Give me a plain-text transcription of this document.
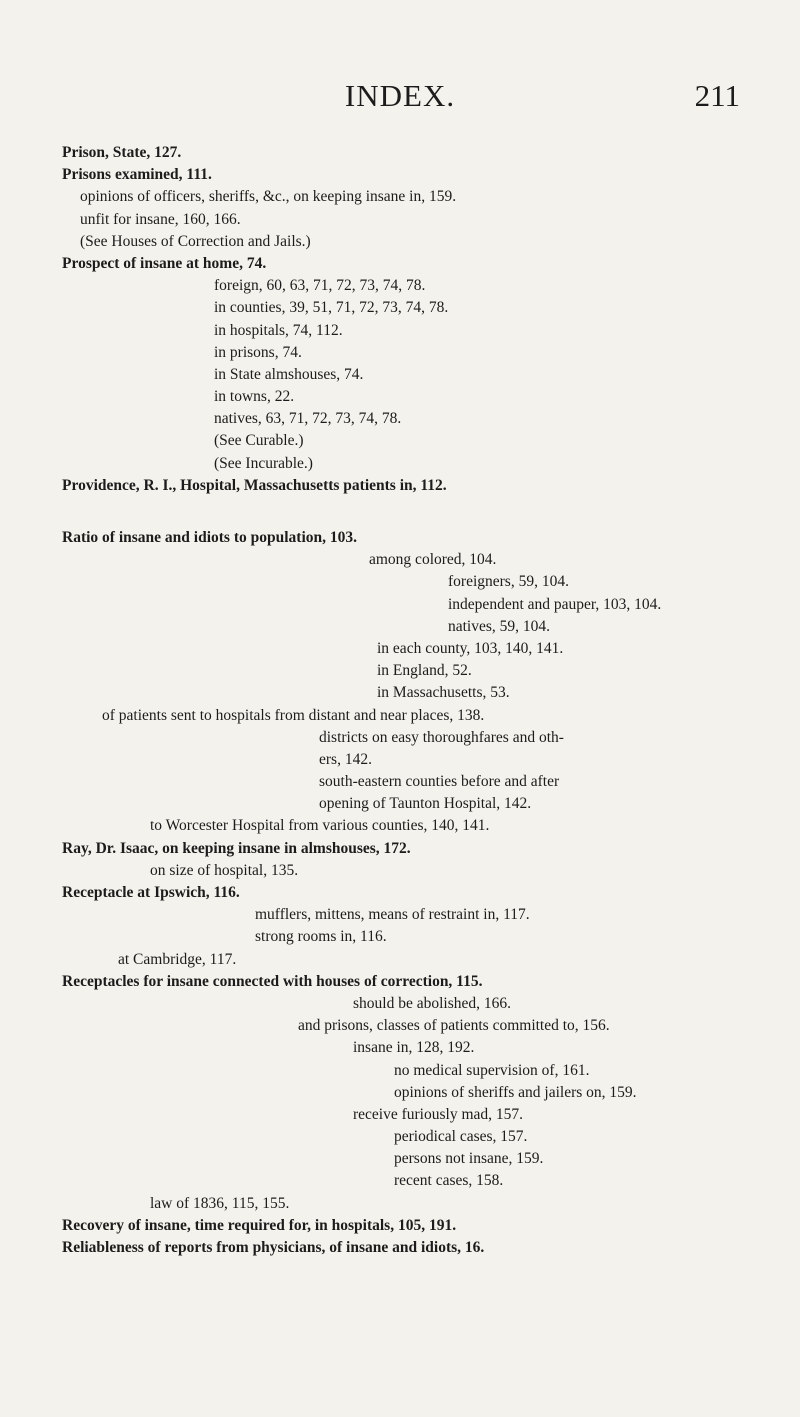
INDEX.	211
Prison, State, 127.
Prisons examined, 111.
opinions of officers, sheriffs, &c., on keeping insane in, 159.
unfit for insane, 160, 166.
(See Houses of Correction and Jails.)
Prospect of insane at home, 74.
foreign, 60, 63, 71, 72, 73, 74, 78.
in counties, 39, 51, 71, 72, 73, 74, 78.
in hospitals, 74, 112.
in prisons, 74.
in State almshouses, 74.
in towns, 22.
natives, 63, 71, 72, 73, 74, 78.
(See Curable.)
(See Incurable.)
Providence, R. I., Hospital, Massachusetts patients in, 112.
Ratio of insane and idiots to population, 103.
among colored, 104.
foreigners, 59, 104.
independent and pauper, 103, 104.
natives, 59, 104.
in each county, 103, 140, 141.
in England, 52.
in Massachusetts, 53.
of patients sent to hospitals from distant and near places, 138.
districts on easy thoroughfares and oth-
ers, 142.
south-eastern counties before and after
opening of Taunton Hospital, 142.
to Worcester Hospital from various counties, 140, 141.
Ray, Dr. Isaac, on keeping insane in almshouses, 172.
on size of hospital, 135.
Receptacle at Ipswich, 116.
mufflers, mittens, means of restraint in, 117.
strong rooms in, 116.
at Cambridge, 117.
Receptacles for insane connected with houses of correction, 115.
should be abolished, 166.
and prisons, classes of patients committed to, 156.
insane in, 128, 192.
no medical supervision of, 161.
opinions of sheriffs and jailers on, 159.
receive furiously mad, 157.
periodical cases, 157.
persons not insane, 159.
recent cases, 158.
law of 1836, 115, 155.
Recovery of insane, time required for, in hospitals, 105, 191.
Reliableness of reports from physicians, of insane and idiots, 16.
